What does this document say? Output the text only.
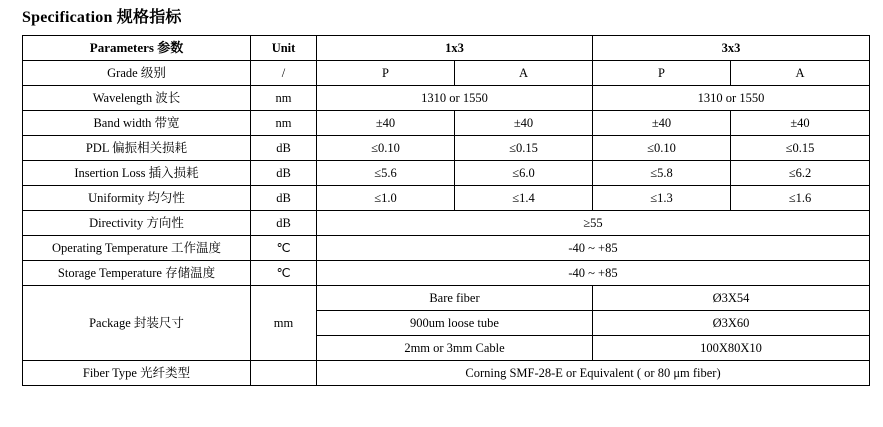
Specification 规格指标
Parameters 参数	Unit	1x3		3x3	
Grade 级别	/	P	A	P	A
Wavelength 波长	nm	1310 or 1550		1310 or 1550	
Band width 带宽	nm	±40	±40	±40	±40
PDL 偏振相关损耗	dB	≤0.10	≤0.15	≤0.10	≤0.15
Insertion Loss 插入损耗	dB	≤5.6	≤6.0	≤5.8	≤6.2
Uniformity 均匀性	dB	≤1.0	≤1.4	≤1.3	≤1.6
Directivity 方向性	dB	≥55			
Operating Temperature 工作温度	℃	-40 ~ +85			
Storage Temperature 存储温度	℃	-40 ~ +85			
Package 封装尺寸	mm	Bare fiber		Ø3X54	
		900um loose tube		Ø3X60	
		2mm or 3mm Cable		100X80X10	
Fiber Type 光纤类型		Corning SMF-28-E or Equivalent ( or 80 μm fiber)			
